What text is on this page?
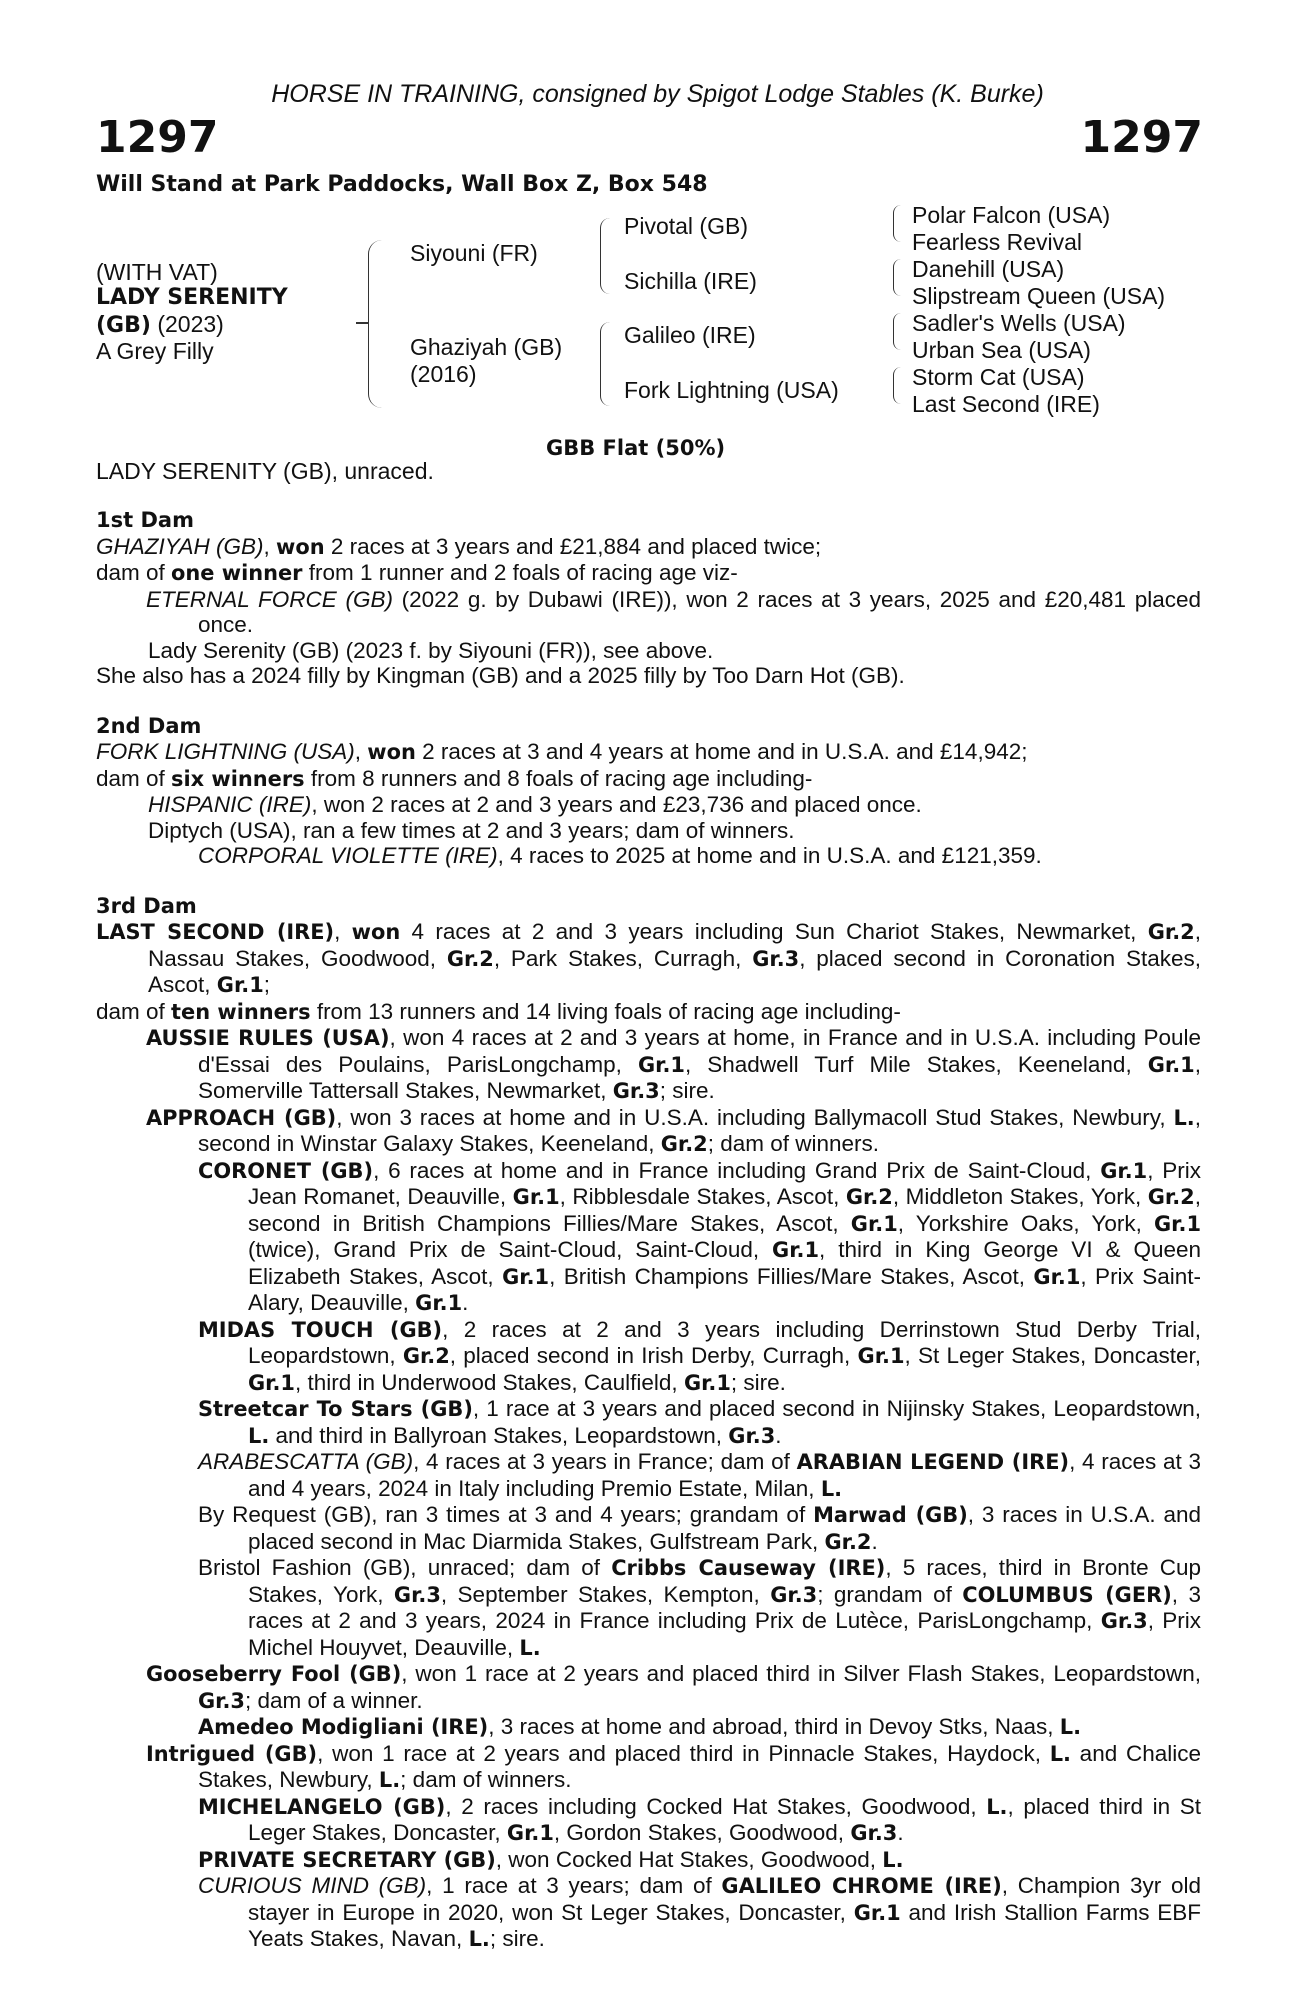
HORSE IN TRAINING, consigned by Spigot Lodge Stables (K. Burke)
1297	1297
Will Stand at Park Paddocks, Wall Box Z, Box 548
(WITH VAT)
LADY SERENITY
(GB) (2023)
A Grey Filly
Siyouni (FR)
Ghaziyah (GB)
(2016)
Pivotal (GB)
Sichilla (IRE)
Galileo (IRE)
Fork Lightning (USA)
Polar Falcon (USA)
Fearless Revival
Danehill (USA)
Slipstream Queen (USA)
Sadler's Wells (USA)
Urban Sea (USA)
Storm Cat (USA)
Last Second (IRE)
GBB Flat (50%)
LADY SERENITY (GB), unraced.
1st Dam
GHAZIYAH (GB), won 2 races at 3 years and £21,884 and placed twice;
dam of one winner from 1 runner and 2 foals of racing age viz-
ETERNAL FORCE (GB) (2022 g. by Dubawi (IRE)), won 2 races at 3 years, 2025 and £20,481 placed once.
Lady Serenity (GB) (2023 f. by Siyouni (FR)), see above.
She also has a 2024 filly by Kingman (GB) and a 2025 filly by Too Darn Hot (GB).
2nd Dam
FORK LIGHTNING (USA), won 2 races at 3 and 4 years at home and in U.S.A. and £14,942;
dam of six winners from 8 runners and 8 foals of racing age including-
HISPANIC (IRE), won 2 races at 2 and 3 years and £23,736 and placed once.
Diptych (USA), ran a few times at 2 and 3 years; dam of winners.
CORPORAL VIOLETTE (IRE), 4 races to 2025 at home and in U.S.A. and £121,359.
3rd Dam
LAST SECOND (IRE), won 4 races at 2 and 3 years including Sun Chariot Stakes, Newmarket, Gr.2, Nassau Stakes, Goodwood, Gr.2, Park Stakes, Curragh, Gr.3, placed second in Coronation Stakes, Ascot, Gr.1;
dam of ten winners from 13 runners and 14 living foals of racing age including-
AUSSIE RULES (USA), won 4 races at 2 and 3 years at home, in France and in U.S.A. including Poule d'Essai des Poulains, ParisLongchamp, Gr.1, Shadwell Turf Mile Stakes, Keeneland, Gr.1, Somerville Tattersall Stakes, Newmarket, Gr.3; sire.
APPROACH (GB), won 3 races at home and in U.S.A. including Ballymacoll Stud Stakes, Newbury, L., second in Winstar Galaxy Stakes, Keeneland, Gr.2; dam of winners.
CORONET (GB), 6 races at home and in France including Grand Prix de Saint-Cloud, Gr.1, Prix Jean Romanet, Deauville, Gr.1, Ribblesdale Stakes, Ascot, Gr.2, Middleton Stakes, York, Gr.2, second in British Champions Fillies/Mare Stakes, Ascot, Gr.1, Yorkshire Oaks, York, Gr.1 (twice), Grand Prix de Saint-Cloud, Saint-Cloud, Gr.1, third in King George VI & Queen Elizabeth Stakes, Ascot, Gr.1, British Champions Fillies/Mare Stakes, Ascot, Gr.1, Prix Saint-Alary, Deauville, Gr.1.
MIDAS TOUCH (GB), 2 races at 2 and 3 years including Derrinstown Stud Derby Trial, Leopardstown, Gr.2, placed second in Irish Derby, Curragh, Gr.1, St Leger Stakes, Doncaster, Gr.1, third in Underwood Stakes, Caulfield, Gr.1; sire.
Streetcar To Stars (GB), 1 race at 3 years and placed second in Nijinsky Stakes, Leopardstown, L. and third in Ballyroan Stakes, Leopardstown, Gr.3.
ARABESCATTA (GB), 4 races at 3 years in France; dam of ARABIAN LEGEND (IRE), 4 races at 3 and 4 years, 2024 in Italy including Premio Estate, Milan, L.
By Request (GB), ran 3 times at 3 and 4 years; grandam of Marwad (GB), 3 races in U.S.A. and placed second in Mac Diarmida Stakes, Gulfstream Park, Gr.2.
Bristol Fashion (GB), unraced; dam of Cribbs Causeway (IRE), 5 races, third in Bronte Cup Stakes, York, Gr.3, September Stakes, Kempton, Gr.3; grandam of COLUMBUS (GER), 3 races at 2 and 3 years, 2024 in France including Prix de Lutèce, ParisLongchamp, Gr.3, Prix Michel Houyvet, Deauville, L.
Gooseberry Fool (GB), won 1 race at 2 years and placed third in Silver Flash Stakes, Leopardstown, Gr.3; dam of a winner.
Amedeo Modigliani (IRE), 3 races at home and abroad, third in Devoy Stks, Naas, L.
Intrigued (GB), won 1 race at 2 years and placed third in Pinnacle Stakes, Haydock, L. and Chalice Stakes, Newbury, L.; dam of winners.
MICHELANGELO (GB), 2 races including Cocked Hat Stakes, Goodwood, L., placed third in St Leger Stakes, Doncaster, Gr.1, Gordon Stakes, Goodwood, Gr.3.
PRIVATE SECRETARY (GB), won Cocked Hat Stakes, Goodwood, L.
CURIOUS MIND (GB), 1 race at 3 years; dam of GALILEO CHROME (IRE), Champion 3yr old stayer in Europe in 2020, won St Leger Stakes, Doncaster, Gr.1 and Irish Stallion Farms EBF Yeats Stakes, Navan, L.; sire.
